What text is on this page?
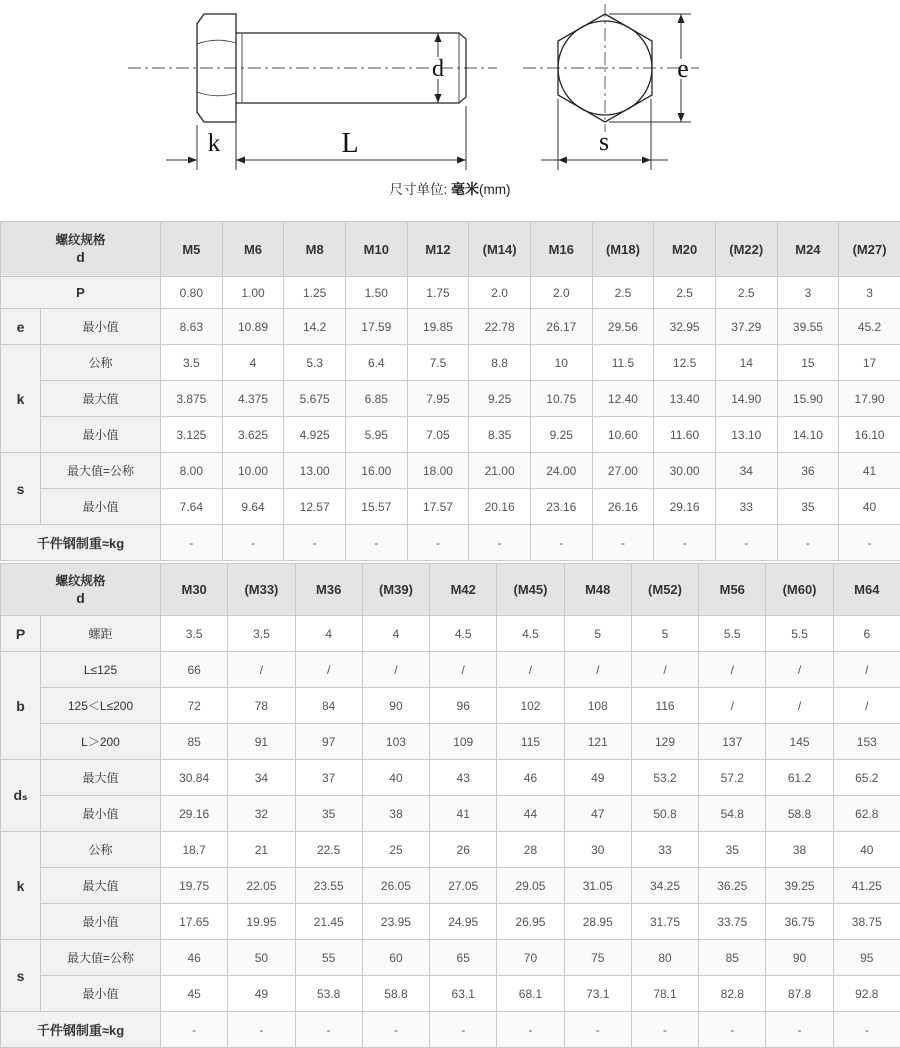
d
k	L
e
s
尺寸单位: 毫米(mm)
螺纹规格
d		M5	M6	M8	M10	M12	(M14)	M16	(M18)	M20	(M22)	M24	(M27)
P		0.80	1.00	1.25	1.50	1.75	2.0	2.0	2.5	2.5	2.5	3	3
e	最小值	8.63	10.89	14.2	17.59	19.85	22.78	26.17	29.56	32.95	37.29	39.55	45.2
k	公称	3.5	4	5.3	6.4	7.5	8.8	10	11.5	12.5	14	15	17
	最大值	3.875	4.375	5.675	6.85	7.95	9.25	10.75	12.40	13.40	14.90	15.90	17.90
	最小值	3.125	3.625	4.925	5.95	7.05	8.35	9.25	10.60	11.60	13.10	14.10	16.10
s	最大值=公称	8.00	10.00	13.00	16.00	18.00	21.00	24.00	27.00	30.00	34	36	41
	最小值	7.64	9.64	12.57	15.57	17.57	20.16	23.16	26.16	29.16	33	35	40
千件钢制重≈kg		-	-	-	-	-	-	-	-	-	-	-	-
螺纹规格
d		M30	(M33)	M36	(M39)	M42	(M45)	M48	(M52)	M56	(M60)	M64
P	螺距	3.5	3.5	4	4	4.5	4.5	5	5	5.5	5.5	6
b	L≤125	66	/	/	/	/	/	/	/	/	/	/
	125＜L≤200	72	78	84	90	96	102	108	116	/	/	/
	L＞200	85	91	97	103	109	115	121	129	137	145	153
dₛ	最大值	30.84	34	37	40	43	46	49	53.2	57.2	61.2	65.2
	最小值	29.16	32	35	38	41	44	47	50.8	54.8	58.8	62.8
k	公称	18.7	21	22.5	25	26	28	30	33	35	38	40
	最大值	19.75	22.05	23.55	26.05	27.05	29.05	31.05	34.25	36.25	39.25	41.25
	最小值	17.65	19.95	21.45	23.95	24.95	26.95	28.95	31.75	33.75	36.75	38.75
s	最大值=公称	46	50	55	60	65	70	75	80	85	90	95
	最小值	45	49	53.8	58.8	63.1	68.1	73.1	78.1	82.8	87.8	92.8
千件钢制重≈kg		-	-	-	-	-	-	-	-	-	-	-
